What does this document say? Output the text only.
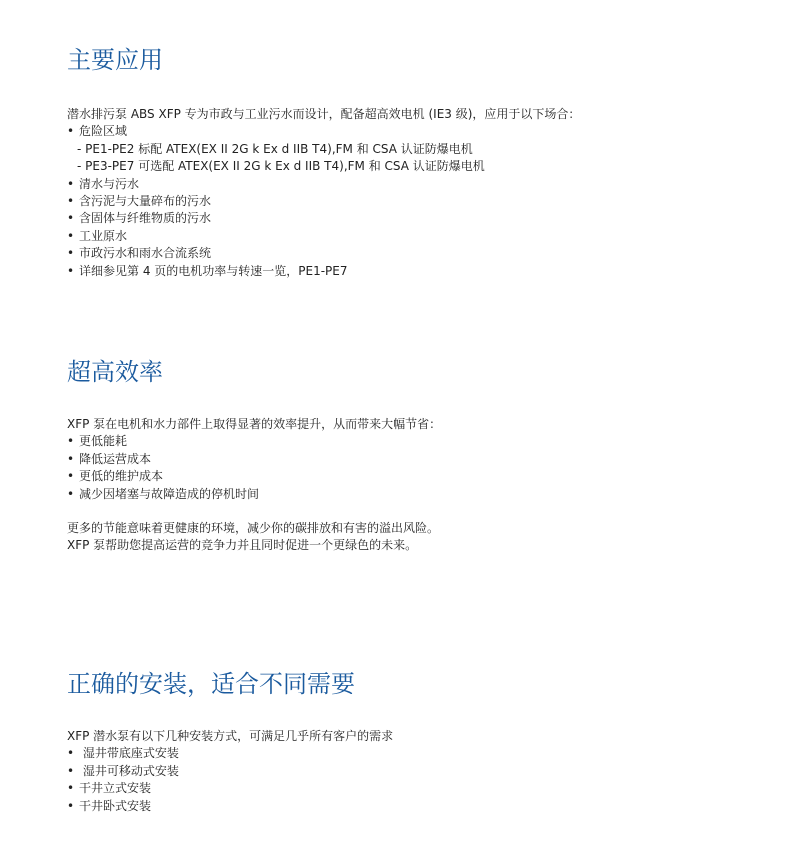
主要应用

潜水排污泵 ABS XFP 专为市政与工业污水而设计，配备超高效电机 (IE3 级)，应用于以下场合：

• 危险区域
- PE1-PE2 标配 ATEX(EX II 2G k Ex d IIB T4),FM 和 CSA 认证防爆电机
- PE3-PE7 可选配 ATEX(EX II 2G k Ex d IIB T4),FM 和 CSA 认证防爆电机
• 清水与污水
• 含污泥与大量碎布的污水
• 含固体与纤维物质的污水
• 工业原水
• 市政污水和雨水合流系统
• 详细参见第 4 页的电机功率与转速一览，PE1-PE7
超高效率

XFP 泵在电机和水力部件上取得显著的效率提升，从而带来大幅节省：

• 更低能耗
• 降低运营成本
• 更低的维护成本
• 减少因堵塞与故障造成的停机时间

更多的节能意味着更健康的环境，减少你的碳排放和有害的溢出风险。

XFP 泵帮助您提高运营的竞争力并且同时促进一个更绿色的未来。

正确的安装，适合不同需要

XFP 潜水泵有以下几种安装方式，可满足几乎所有客户的需求

• 湿井带底座式安装
• 湿井可移动式安装
• 干井立式安装
• 干井卧式安装
